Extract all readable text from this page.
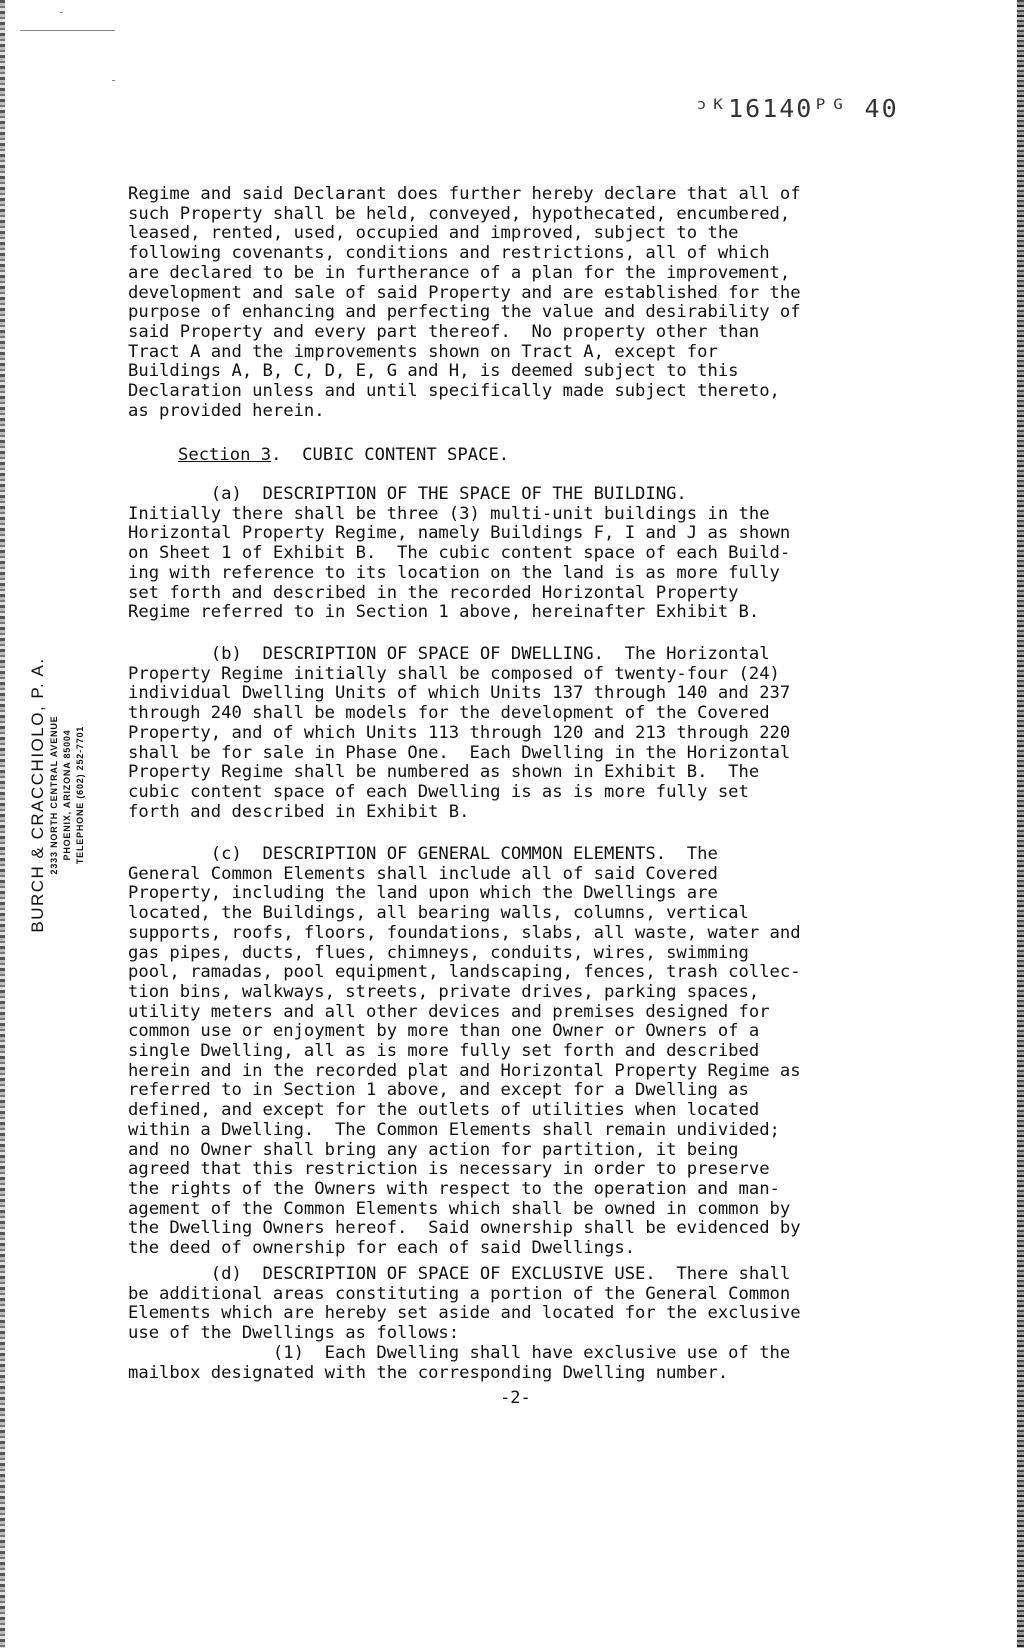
ᵓᴷ16140ᴾᴳ 40
BURCH & CRACCHIOLO, P. A. 2333 NORTH CENTRAL AVENUE PHOENIX, ARIZONA 85004 TELEPHONE (602) 252-7701
Regime and said Declarant does further hereby declare that all of
such Property shall be held, conveyed, hypothecated, encumbered,
leased, rented, used, occupied and improved, subject to the
following covenants, conditions and restrictions, all of which
are declared to be in furtherance of a plan for the improvement,
development and sale of said Property and are established for the
purpose of enhancing and perfecting the value and desirability of
said Property and every part thereof.  No property other than
Tract A and the improvements shown on Tract A, except for
Buildings A, B, C, D, E, G and H, is deemed subject to this
Declaration unless and until specifically made subject thereto,
as provided herein.
Section 3.  CUBIC CONTENT SPACE.
(a)  DESCRIPTION OF THE SPACE OF THE BUILDING.
Initially there shall be three (3) multi-unit buildings in the
Horizontal Property Regime, namely Buildings F, I and J as shown
on Sheet 1 of Exhibit B.  The cubic content space of each Build-
ing with reference to its location on the land is as more fully
set forth and described in the recorded Horizontal Property
Regime referred to in Section 1 above, hereinafter Exhibit B.
(b)  DESCRIPTION OF SPACE OF DWELLING.  The Horizontal
Property Regime initially shall be composed of twenty-four (24)
individual Dwelling Units of which Units 137 through 140 and 237
through 240 shall be models for the development of the Covered
Property, and of which Units 113 through 120 and 213 through 220
shall be for sale in Phase One.  Each Dwelling in the Horizontal
Property Regime shall be numbered as shown in Exhibit B.  The
cubic content space of each Dwelling is as is more fully set
forth and described in Exhibit B.
(c)  DESCRIPTION OF GENERAL COMMON ELEMENTS.  The
General Common Elements shall include all of said Covered
Property, including the land upon which the Dwellings are
located, the Buildings, all bearing walls, columns, vertical
supports, roofs, floors, foundations, slabs, all waste, water and
gas pipes, ducts, flues, chimneys, conduits, wires, swimming
pool, ramadas, pool equipment, landscaping, fences, trash collec-
tion bins, walkways, streets, private drives, parking spaces,
utility meters and all other devices and premises designed for
common use or enjoyment by more than one Owner or Owners of a
single Dwelling, all as is more fully set forth and described
herein and in the recorded plat and Horizontal Property Regime as
referred to in Section 1 above, and except for a Dwelling as
defined, and except for the outlets of utilities when located
within a Dwelling.  The Common Elements shall remain undivided;
and no Owner shall bring any action for partition, it being
agreed that this restriction is necessary in order to preserve
the rights of the Owners with respect to the operation and man-
agement of the Common Elements which shall be owned in common by
the Dwelling Owners hereof.  Said ownership shall be evidenced by
the deed of ownership for each of said Dwellings.
(d)  DESCRIPTION OF SPACE OF EXCLUSIVE USE.  There shall
be additional areas constituting a portion of the General Common
Elements which are hereby set aside and located for the exclusive
use of the Dwellings as follows:
(1)  Each Dwelling shall have exclusive use of the
mailbox designated with the corresponding Dwelling number.
-2-
